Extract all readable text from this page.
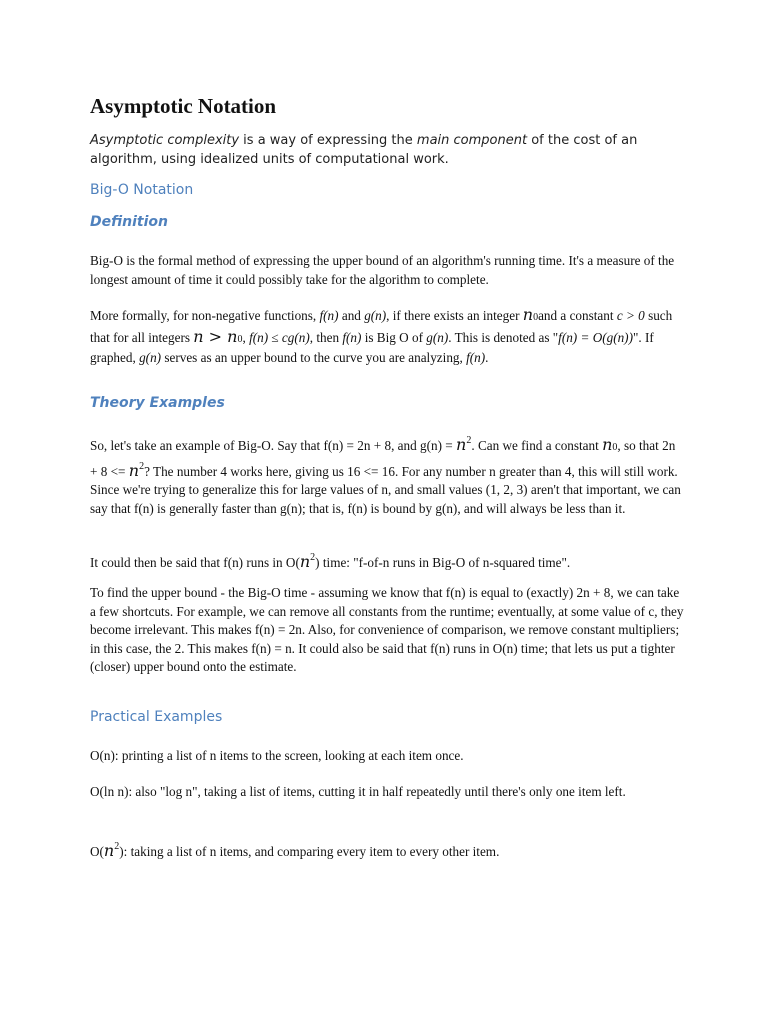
Asymptotic Notation
Asymptotic complexity is a way of expressing the main component of the cost of an algorithm, using idealized units of computational work.
Big-O Notation
Definition
Big-O is the formal method of expressing the upper bound of an algorithm's running time. It's a measure of the longest amount of time it could possibly take for the algorithm to complete.
More formally, for non-negative functions, f(n) and g(n), if there exists an integer n0and a constant c > 0 such that for all integers n > n0, f(n) ≤ cg(n), then f(n) is Big O of g(n). This is denoted as "f(n) = O(g(n))". If graphed, g(n) serves as an upper bound to the curve you are analyzing, f(n).
Theory Examples
So, let's take an example of Big-O. Say that f(n) = 2n + 8, and $g(n) = n^2$. Can we find a constant n0, so that $2n + 8 <= n^2$? The number 4 works here, giving us 16 <= 16. For any number n greater than 4, this will still work. Since we're trying to generalize this for large values of n, and small values (1, 2, 3) aren't that important, we can say that f(n) is generally faster than g(n); that is, f(n) is bound by g(n), and will always be less than it.
It could then be said that f(n) runs in $O(n^2)$ time: "f-of-n runs in Big-O of n-squared time".
To find the upper bound - the Big-O time - assuming we know that f(n) is equal to (exactly) 2n + 8, we can take a few shortcuts. For example, we can remove all constants from the runtime; eventually, at some value of c, they become irrelevant. This makes f(n) = 2n. Also, for convenience of comparison, we remove constant multipliers; in this case, the 2. This makes f(n) = n. It could also be said that f(n) runs in O(n) time; that lets us put a tighter (closer) upper bound onto the estimate.
Practical Examples
O(n): printing a list of n items to the screen, looking at each item once.
O(ln n): also "log n", taking a list of items, cutting it in half repeatedly until there's only one item left.
$O(n^2)$: taking a list of n items, and comparing every item to every other item.
